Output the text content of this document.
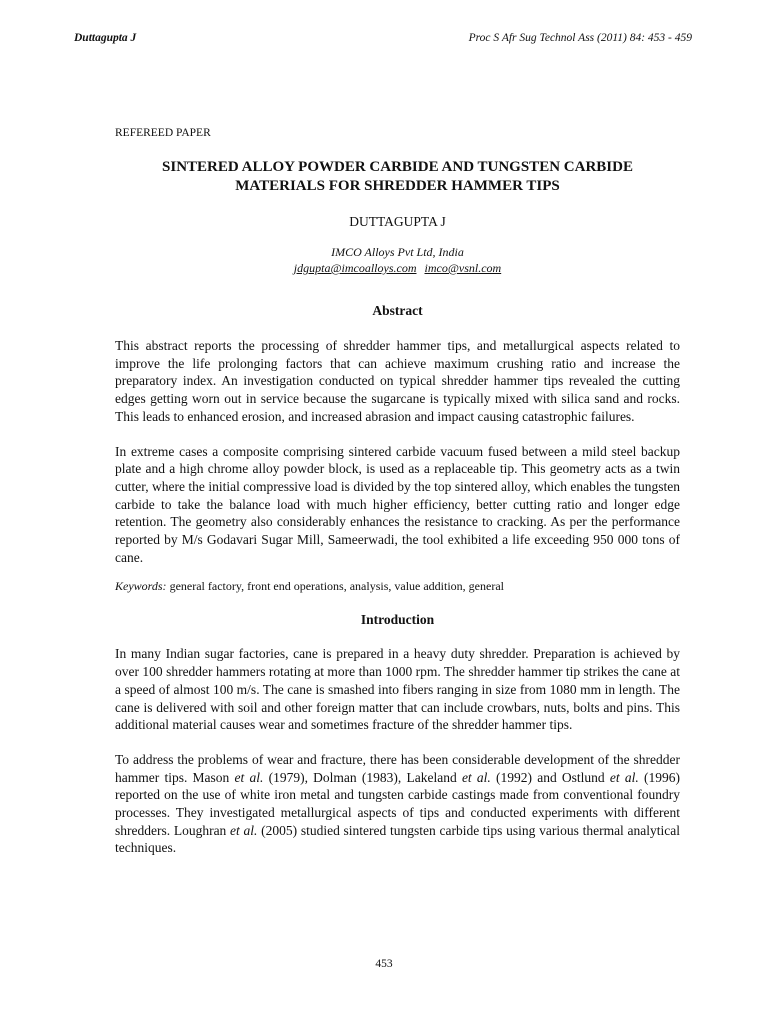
Duttagupta J	Proc S Afr Sug Technol Ass (2011) 84: 453 - 459

REFEREED PAPER

SINTERED ALLOY POWDER CARBIDE AND TUNGSTEN CARBIDE
MATERIALS FOR SHREDDER HAMMER TIPS

DUTTAGUPTA J

IMCO Alloys Pvt Ltd, India
jdgupta@imcoalloys.com imco@vsnl.com
Abstract

This abstract reports the processing of shredder hammer tips, and metallurgical aspects related to improve the life prolonging factors that can achieve maximum crushing ratio and increase the preparatory index. An investigation conducted on typical shredder hammer tips revealed the cutting edges getting worn out in service because the sugarcane is typically mixed with silica sand and rocks. This leads to enhanced erosion, and increased abrasion and impact causing catastrophic failures.

In extreme cases a composite comprising sintered carbide vacuum fused between a mild steel backup plate and a high chrome alloy powder block, is used as a replaceable tip. This geometry acts as a twin cutter, where the initial compressive load is divided by the top sintered alloy, which enables the tungsten carbide to take the balance load with much higher efficiency, better cutting ratio and longer edge retention. The geometry also considerably enhances the resistance to cracking. As per the performance reported by M/s Godavari Sugar Mill, Sameerwadi, the tool exhibited a life exceeding 950 000 tons of cane.

Keywords: general factory, front end operations, analysis, value addition, general

Introduction

In many Indian sugar factories, cane is prepared in a heavy duty shredder. Preparation is achieved by over 100 shredder hammers rotating at more than 1000 rpm. The shredder hammer tip strikes the cane at a speed of almost 100 m/s. The cane is smashed into fibers ranging in size from 1080 mm in length. The cane is delivered with soil and other foreign matter that can include crowbars, nuts, bolts and pins. This additional material causes wear and sometimes fracture of the shredder hammer tips.

To address the problems of wear and fracture, there has been considerable development of the shredder hammer tips. Mason et al. (1979), Dolman (1983), Lakeland et al. (1992) and Ostlund et al. (1996) reported on the use of white iron metal and tungsten carbide castings made from conventional foundry processes. They investigated metallurgical aspects of tips and conducted experiments with different shredders. Loughran et al. (2005) studied sintered tungsten carbide tips using various thermal analytical techniques.

453
